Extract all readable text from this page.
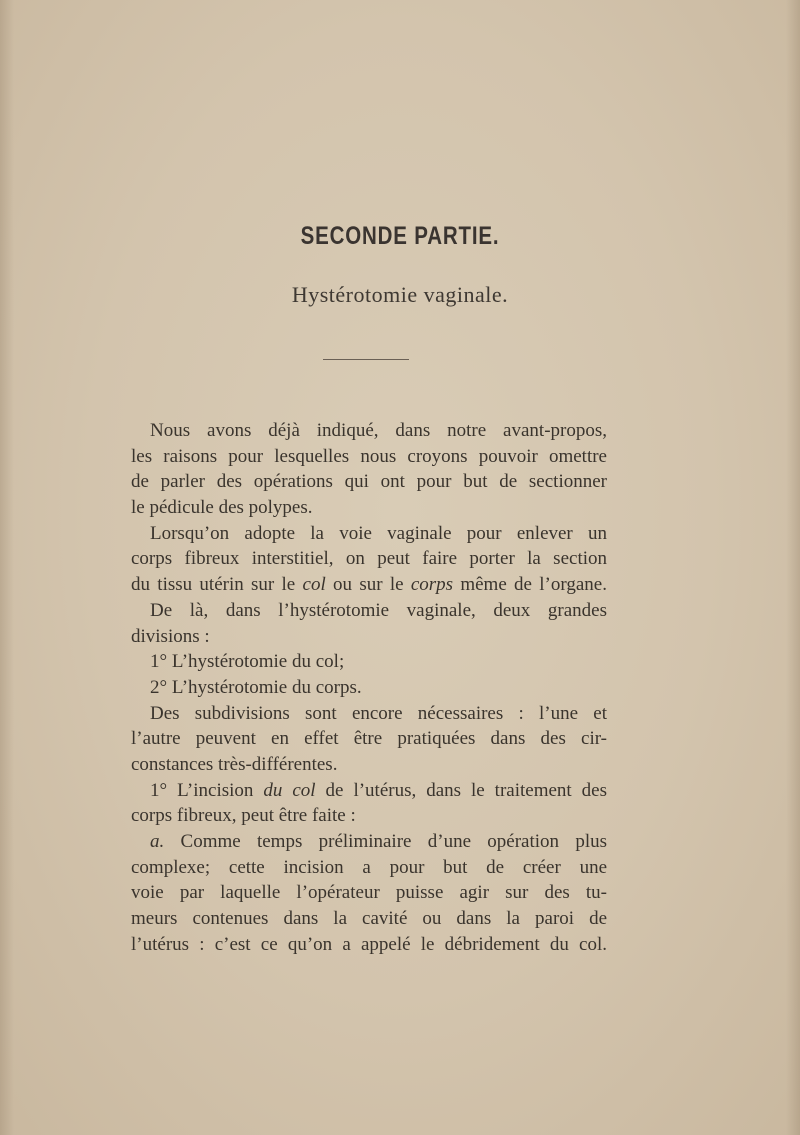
SECONDE PARTIE.
Hystérotomie vaginale.
Nous avons déjà indiqué, dans notre avant-propos,
les raisons pour lesquelles nous croyons pouvoir omettre
de parler des opérations qui ont pour but de sectionner
le pédicule des polypes.
Lorsqu’on adopte la voie vaginale pour enlever un
corps fibreux interstitiel, on peut faire porter la section
du tissu utérin sur le col ou sur le corps même de l’organe.
De là, dans l’hystérotomie vaginale, deux grandes
divisions :
1° L’hystérotomie du col;
2° L’hystérotomie du corps.
Des subdivisions sont encore nécessaires : l’une et
l’autre peuvent en effet être pratiquées dans des cir-
constances très-différentes.
1° L’incision du col de l’utérus, dans le traitement des
corps fibreux, peut être faite :
a. Comme temps préliminaire d’une opération plus
complexe; cette incision a pour but de créer une
voie par laquelle l’opérateur puisse agir sur des tu-
meurs contenues dans la cavité ou dans la paroi de
l’utérus : c’est ce qu’on a appelé le débridement du col.
